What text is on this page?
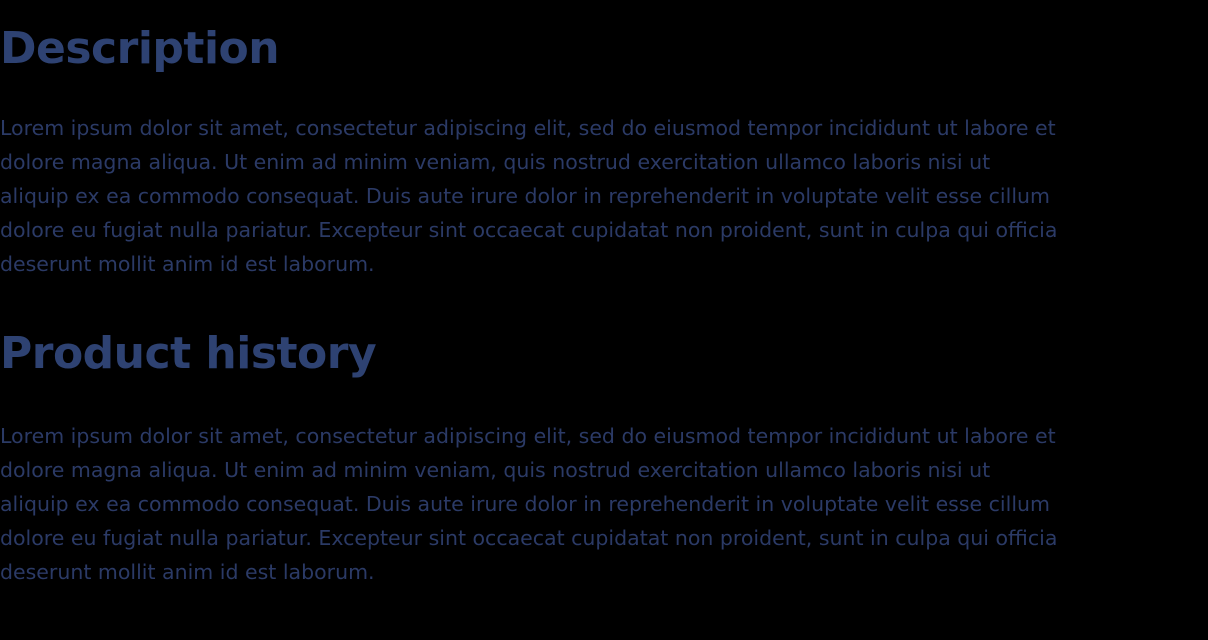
Description

Lorem ipsum dolor sit amet, consectetur adipiscing elit, sed do eiusmod tempor incididunt ut labore et dolore magna aliqua. Ut enim ad minim veniam, quis nostrud exercitation ullamco laboris nisi ut aliquip ex ea commodo consequat. Duis aute irure dolor in reprehenderit in voluptate velit esse cillum dolore eu fugiat nulla pariatur. Excepteur sint occaecat cupidatat non proident, sunt in culpa qui officia deserunt mollit anim id est laborum.

Product history

Lorem ipsum dolor sit amet, consectetur adipiscing elit, sed do eiusmod tempor incididunt ut labore et dolore magna aliqua. Ut enim ad minim veniam, quis nostrud exercitation ullamco laboris nisi ut aliquip ex ea commodo consequat. Duis aute irure dolor in reprehenderit in voluptate velit esse cillum dolore eu fugiat nulla pariatur. Excepteur sint occaecat cupidatat non proident, sunt in culpa qui officia deserunt mollit anim id est laborum.
